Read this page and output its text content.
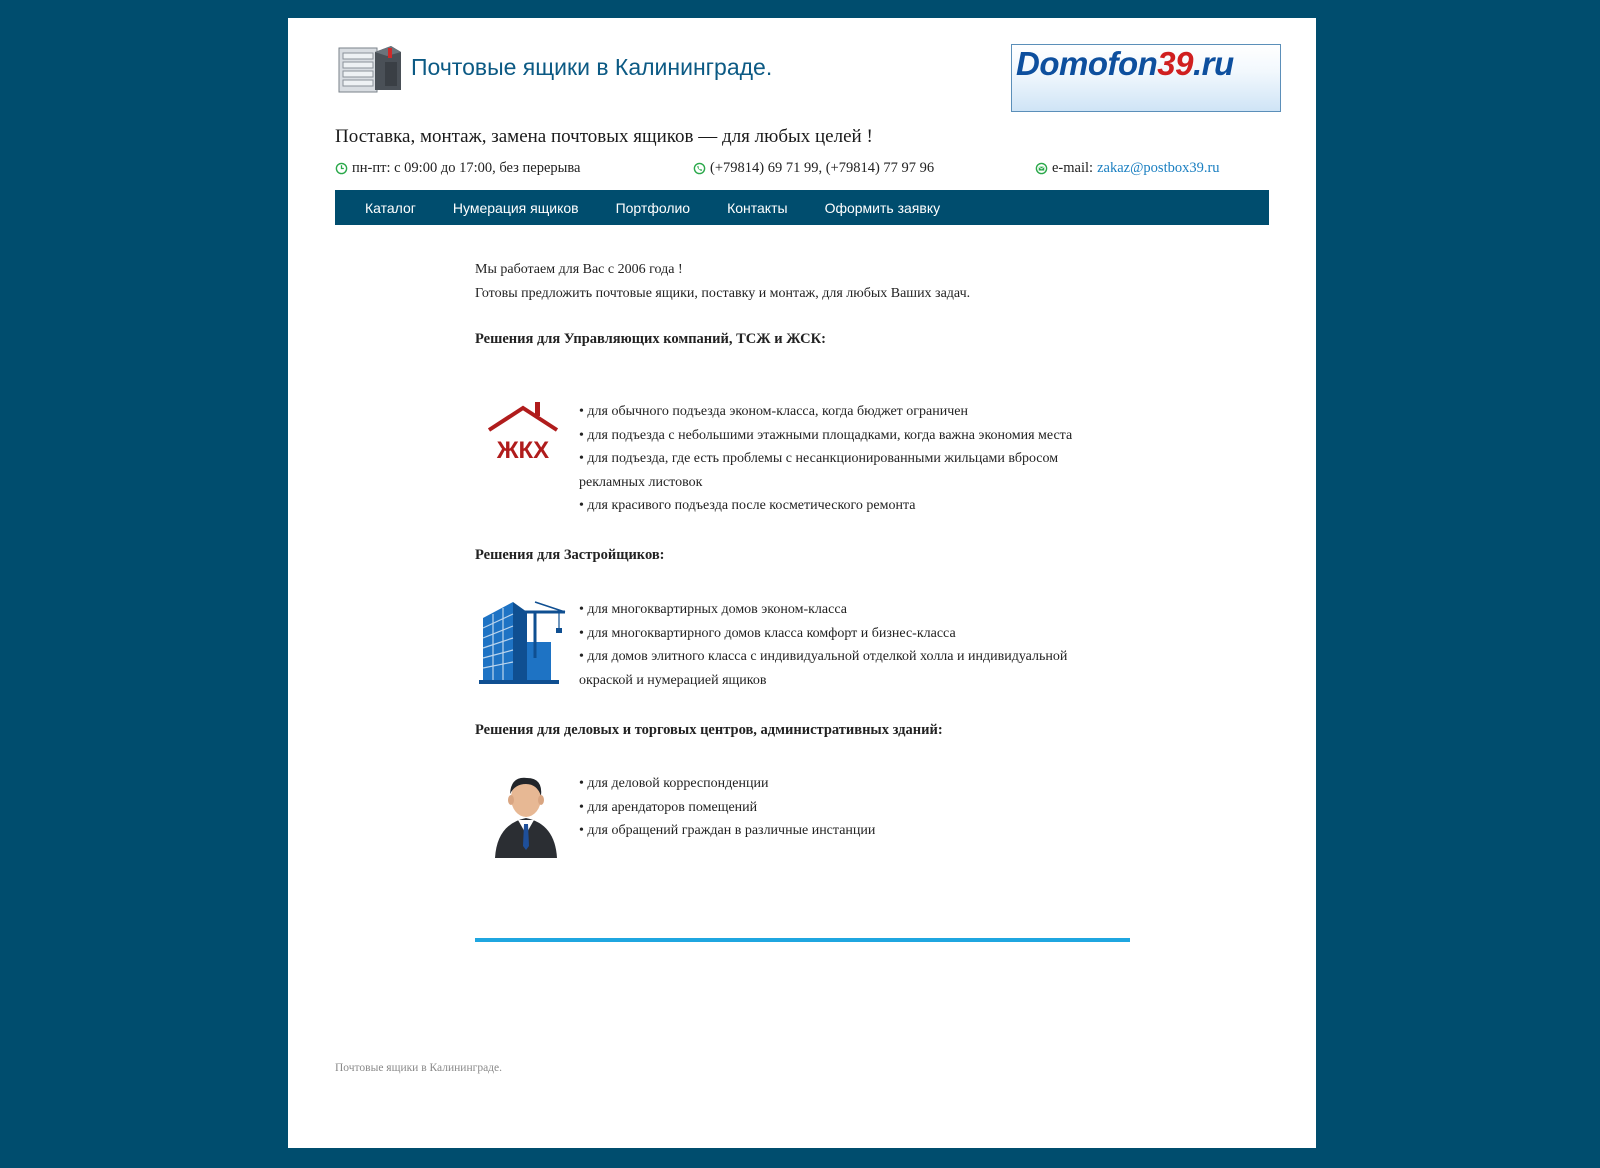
Почтовые ящики в Калининграде.	Domofon39.ru
Поставка, монтаж, замена почтовых ящиков — для любых целей !
пн-пт: с 09:00 до 17:00, без перерыва	(+79814) 69 71 99, (+79814) 77 97 96	e-mail: zakaz@postbox39.ru
Каталог	Нумерация ящиков	Портфолио	Контакты	Оформить заявку

Мы работаем для Вас с 2006 года !

Готовы предложить почтовые ящики, поставку и монтаж, для любых Ваших задач.

Решения для Управляющих компаний, ТСЖ и ЖСК:
ЖКХ
• для обычного подъезда эконом-класса, когда бюджет ограничен
• для подъезда с небольшими этажными площадками, когда важна экономия места
• для подъезда, где есть проблемы с несанкционированными жильцами вбросом рекламных листовок
• для красивого подъезда после косметического ремонта
Решения для Застройщиков:
• для многоквартирных домов эконом-класса
• для многоквартирного домов класса комфорт и бизнес-класса
• для домов элитного класса с индивидуальной отделкой холла и индивидуальной окраской и нумерацией ящиков
Решения для деловых и торговых центров, административных зданий:
• для деловой корреспонденции
• для арендаторов помещений
• для обращений граждан в различные инстанции
Почтовые ящики в Калининграде.
